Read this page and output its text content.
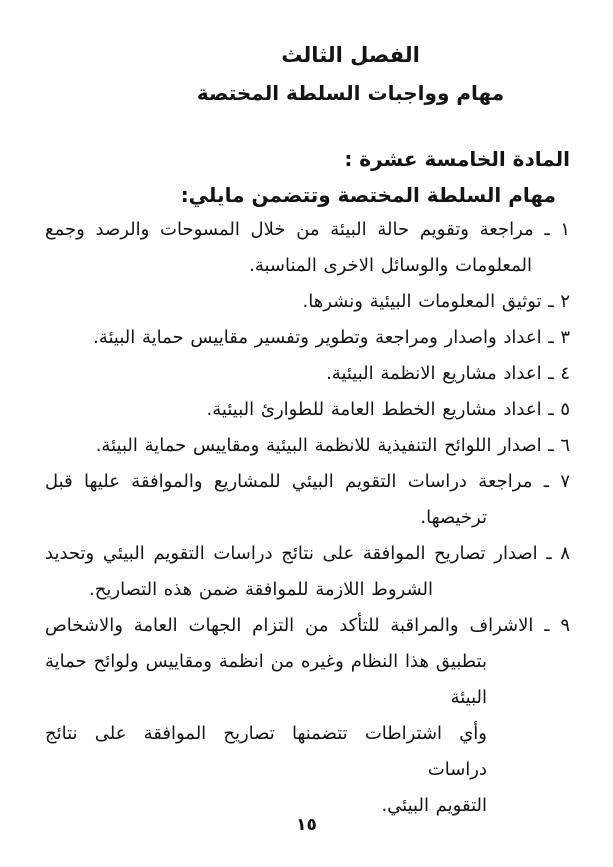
الفصل الثالث
مهام وواجبات السلطة المختصة
المادة الخامسة عشرة :
مهام السلطة المختصة وتتضمن مايلي:
١ ـ مراجعة وتقويم حالة البيئة من خلال المسوحات والرصد وجمع
المعلومات والوسائل الاخرى المناسبة.
٢ ـ توثيق المعلومات البيئية ونشرها.
٣ ـ اعداد واصدار ومراجعة وتطوير وتفسير مقاييس حماية البيئة.
٤ ـ اعداد مشاريع الانظمة البيئية.
٥ ـ اعداد مشاريع الخطط العامة للطوارئ البيئية.
٦ ـ اصدار اللوائح التنفيذية للانظمة البيئية ومقاييس حماية البيئة.
٧ ـ مراجعة دراسات التقويم البيئي للمشاريع والموافقة عليها قبل
ترخيصها.
٨ ـ اصدار تصاريح الموافقة على نتائج دراسات التقويم البيئي وتحديد
الشروط اللازمة للموافقة ضمن هذه التصاريح.
٩ ـ الاشراف والمراقبة للتأكد من التزام الجهات العامة والاشخاص
بتطبيق هذا النظام وغيره من انظمة ومقاييس ولوائح حماية البيئة
وأي اشتراطات تتضمنها تصاريح الموافقة على نتائج دراسات
التقويم البيئي.
١٥
